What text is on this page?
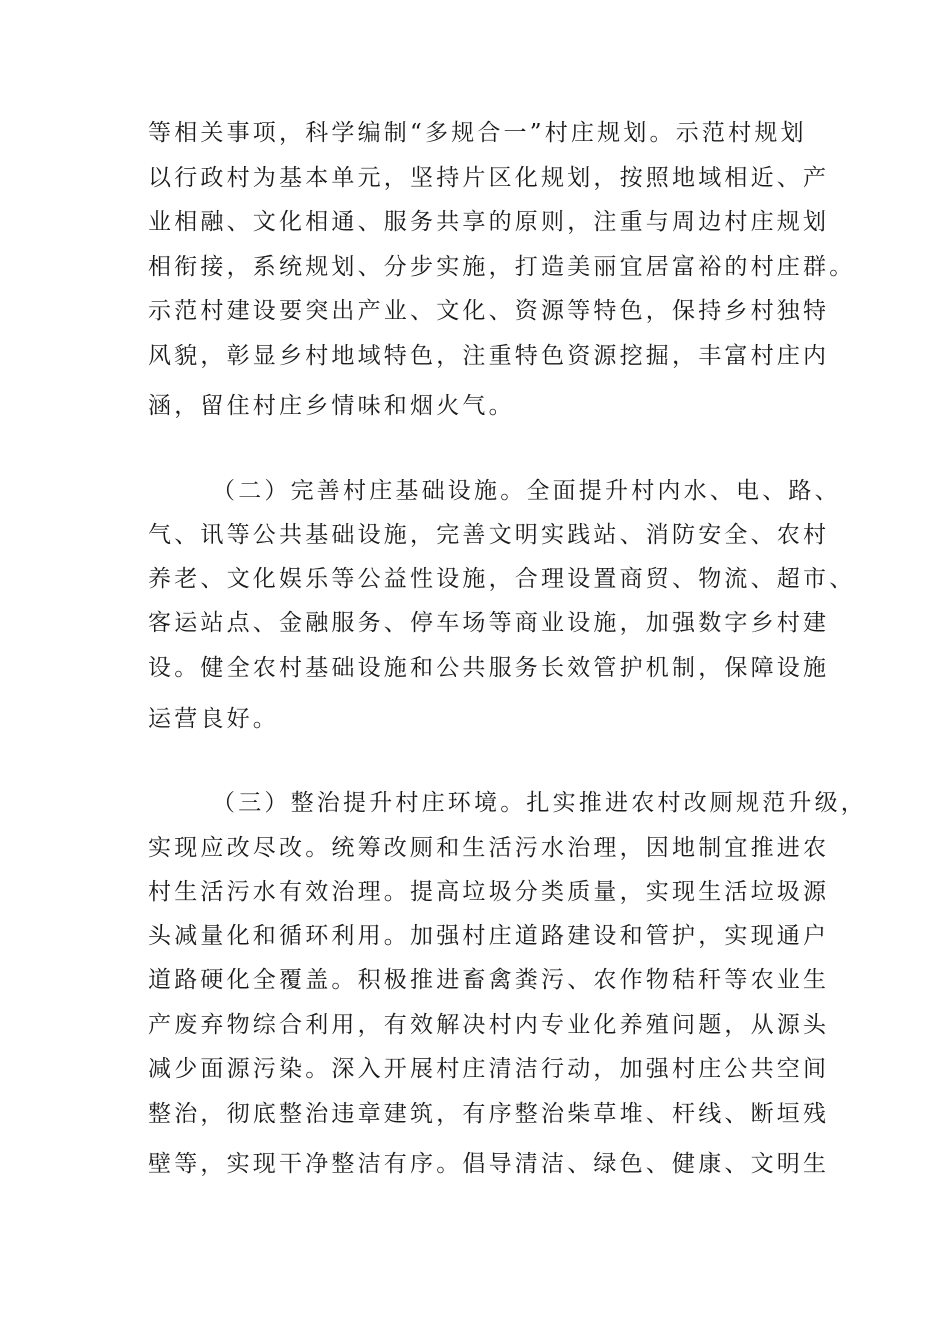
等相关事项，科学编制“多规合一”村庄规划。示范村规划
以行政村为基本单元，坚持片区化规划，按照地域相近、产
业相融、文化相通、服务共享的原则，注重与周边村庄规划
相衔接，系统规划、分步实施，打造美丽宜居富裕的村庄群。
示范村建设要突出产业、文化、资源等特色，保持乡村独特
风貌，彰显乡村地域特色，注重特色资源挖掘，丰富村庄内
涵，留住村庄乡情味和烟火气。
（二）完善村庄基础设施。全面提升村内水、电、路、
气、讯等公共基础设施，完善文明实践站、消防安全、农村
养老、文化娱乐等公益性设施，合理设置商贸、物流、超市、
客运站点、金融服务、停车场等商业设施，加强数字乡村建
设。健全农村基础设施和公共服务长效管护机制，保障设施
运营良好。
（三）整治提升村庄环境。扎实推进农村改厕规范升级，
实现应改尽改。统筹改厕和生活污水治理，因地制宜推进农
村生活污水有效治理。提高垃圾分类质量，实现生活垃圾源
头减量化和循环利用。加强村庄道路建设和管护，实现通户
道路硬化全覆盖。积极推进畜禽粪污、农作物秸秆等农业生
产废弃物综合利用，有效解决村内专业化养殖问题，从源头
减少面源污染。深入开展村庄清洁行动，加强村庄公共空间
整治，彻底整治违章建筑，有序整治柴草堆、杆线、断垣残
壁等，实现干净整洁有序。倡导清洁、绿色、健康、文明生
